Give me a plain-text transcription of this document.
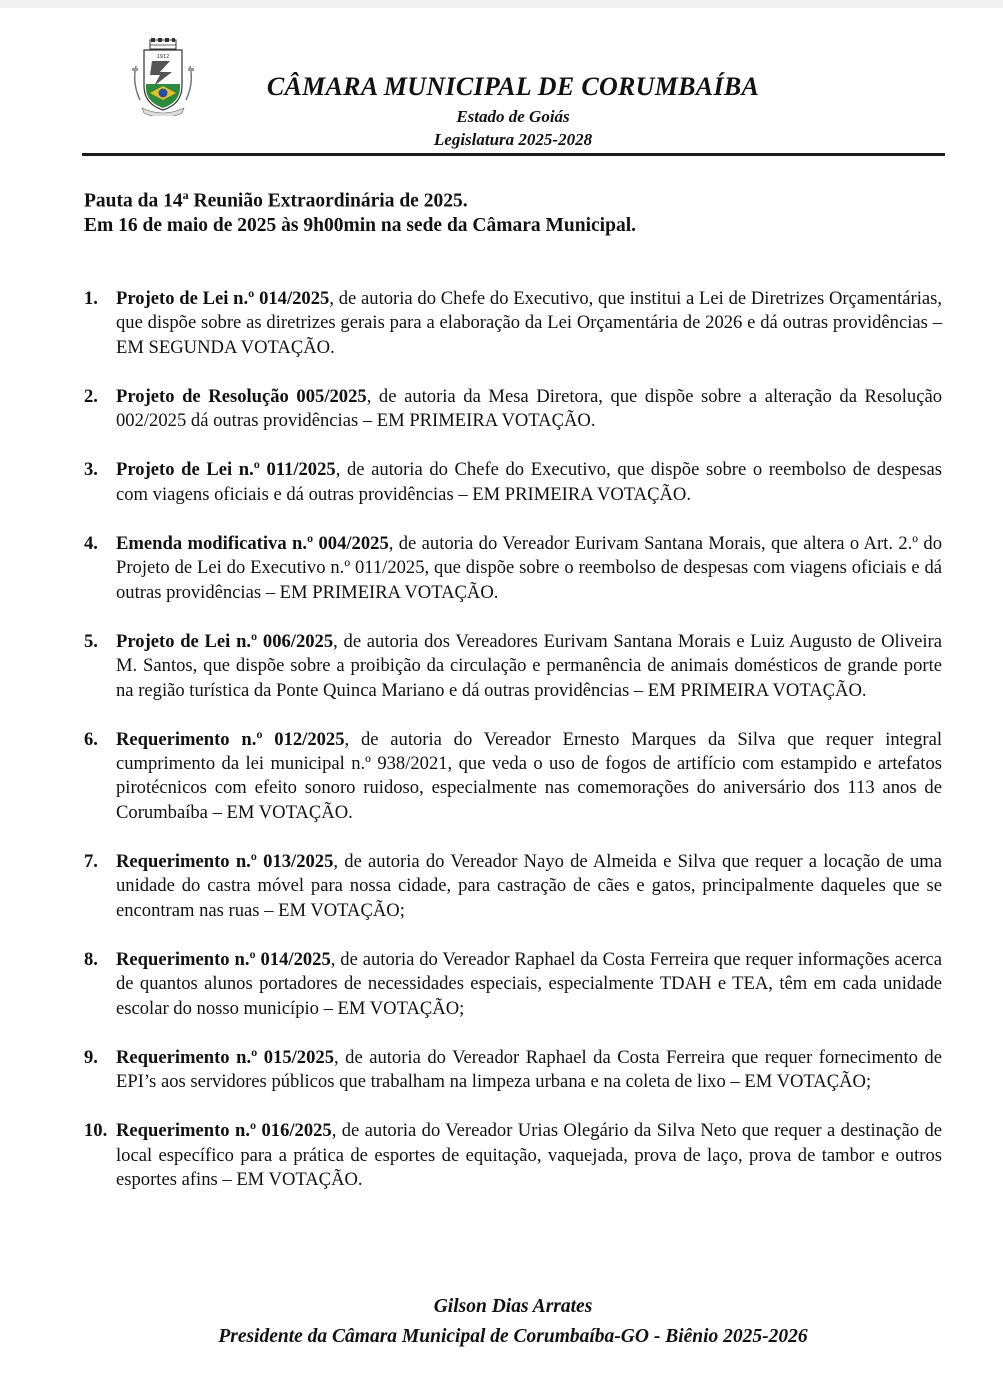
1912
CÂMARA MUNICIPAL DE CORUMBAÍBA
Estado de Goiás
Legislatura 2025-2028
Pauta da 14$^a$ Reunião Extraordinária de 2025.
Em 16 de maio de 2025 às 9h00min na sede da Câmara Municipal.
1. Projeto de Lei n.º 014/2025, de autoria do Chefe do Executivo, que institui a Lei de Diretrizes Orçamentárias, que dispõe sobre as diretrizes gerais para a elaboração da Lei Orçamentária de 2026 e dá outras providências – EM SEGUNDA VOTAÇÃO.
2. Projeto de Resolução 005/2025, de autoria da Mesa Diretora, que dispõe sobre a alteração da Resolução 002/2025 dá outras providências – EM PRIMEIRA VOTAÇÃO.
3. Projeto de Lei n.º 011/2025, de autoria do Chefe do Executivo, que dispõe sobre o reembolso de despesas com viagens oficiais e dá outras providências – EM PRIMEIRA VOTAÇÃO.
4. Emenda modificativa n.º 004/2025, de autoria do Vereador Eurivam Santana Morais, que altera o Art. 2.º do Projeto de Lei do Executivo n.º 011/2025, que dispõe sobre o reembolso de despesas com viagens oficiais e dá outras providências – EM PRIMEIRA VOTAÇÃO.
5. Projeto de Lei n.º 006/2025, de autoria dos Vereadores Eurivam Santana Morais e Luiz Augusto de Oliveira M. Santos, que dispõe sobre a proibição da circulação e permanência de animais domésticos de grande porte na região turística da Ponte Quinca Mariano e dá outras providências – EM PRIMEIRA VOTAÇÃO.
6. Requerimento n.º 012/2025, de autoria do Vereador Ernesto Marques da Silva que requer integral cumprimento da lei municipal n.º 938/2021, que veda o uso de fogos de artifício com estampido e artefatos pirotécnicos com efeito sonoro ruidoso, especialmente nas comemorações do aniversário dos 113 anos de Corumbaíba – EM VOTAÇÃO.
7. Requerimento n.º 013/2025, de autoria do Vereador Nayo de Almeida e Silva que requer a locação de uma unidade do castra móvel para nossa cidade, para castração de cães e gatos, principalmente daqueles que se encontram nas ruas – EM VOTAÇÃO;
8. Requerimento n.º 014/2025, de autoria do Vereador Raphael da Costa Ferreira que requer informações acerca de quantos alunos portadores de necessidades especiais, especialmente TDAH e TEA, têm em cada unidade escolar do nosso município – EM VOTAÇÃO;
9. Requerimento n.º 015/2025, de autoria do Vereador Raphael da Costa Ferreira que requer fornecimento de EPI’s aos servidores públicos que trabalham na limpeza urbana e na coleta de lixo – EM VOTAÇÃO;
10. Requerimento n.º 016/2025, de autoria do Vereador Urias Olegário da Silva Neto que requer a destinação de local específico para a prática de esportes de equitação, vaquejada, prova de laço, prova de tambor e outros esportes afins – EM VOTAÇÃO.
Gilson Dias Arrates
Presidente da Câmara Municipal de Corumbaíba-GO - Biênio 2025-2026
